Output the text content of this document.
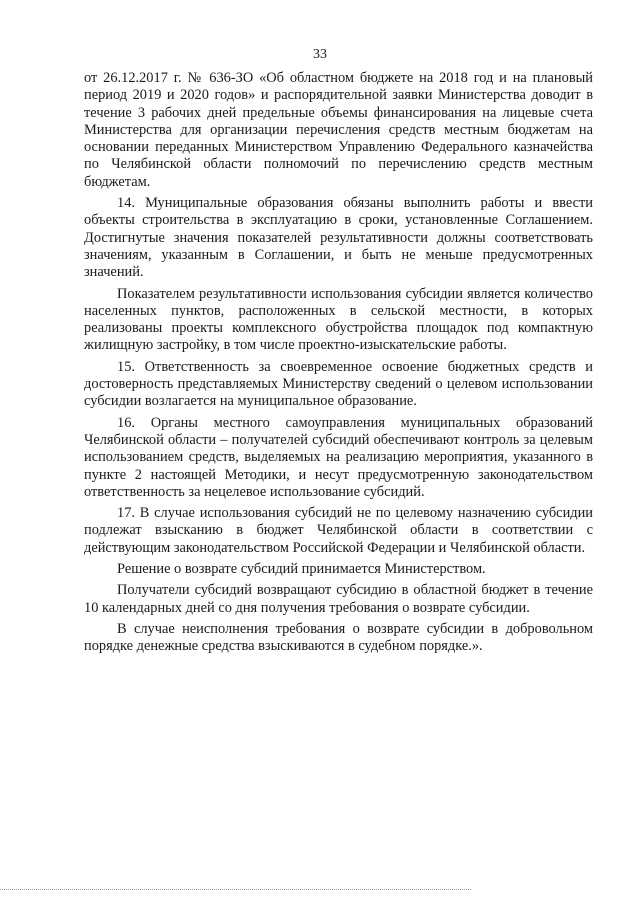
33

от 26.12.2017 г. № 636-ЗО «Об областном бюджете на 2018 год и на плановый период 2019 и 2020 годов» и распорядительной заявки Министерства доводит в течение 3 рабочих дней предельные объемы финансирования на лицевые счета Министерства для организации перечисления средств местным бюджетам на основании переданных Министерством Управлению Федерального казначейства по Челябинской области полномочий по перечислению средств местным бюджетам.

14. Муниципальные образования обязаны выполнить работы и ввести объекты строительства в эксплуатацию в сроки, установленные Соглашением. Достигнутые значения показателей результативности должны соответствовать значениям, указанным в Соглашении, и быть не меньше предусмотренных значений.

Показателем результативности использования субсидии является количество населенных пунктов, расположенных в сельской местности, в которых реализованы проекты комплексного обустройства площадок под компактную жилищную застройку, в том числе проектно-изыскательские работы.

15. Ответственность за своевременное освоение бюджетных средств и достоверность представляемых Министерству сведений о целевом использовании субсидии возлагается на муниципальное образование.

16. Органы местного самоуправления муниципальных образований Челябинской области – получателей субсидий обеспечивают контроль за целевым использованием средств, выделяемых на реализацию мероприятия, указанного в пункте 2 настоящей Методики, и несут предусмотренную законодательством ответственность за нецелевое использование субсидий.

17. В случае использования субсидий не по целевому назначению субсидии подлежат взысканию в бюджет Челябинской области в соответствии с действующим законодательством Российской Федерации и Челябинской области.

Решение о возврате субсидий принимается Министерством.

Получатели субсидий возвращают субсидию в областной бюджет в течение 10 календарных дней со дня получения требования о возврате субсидии.

В случае неисполнения требования о возврате субсидии в добровольном порядке денежные средства взыскиваются в судебном порядке.».
